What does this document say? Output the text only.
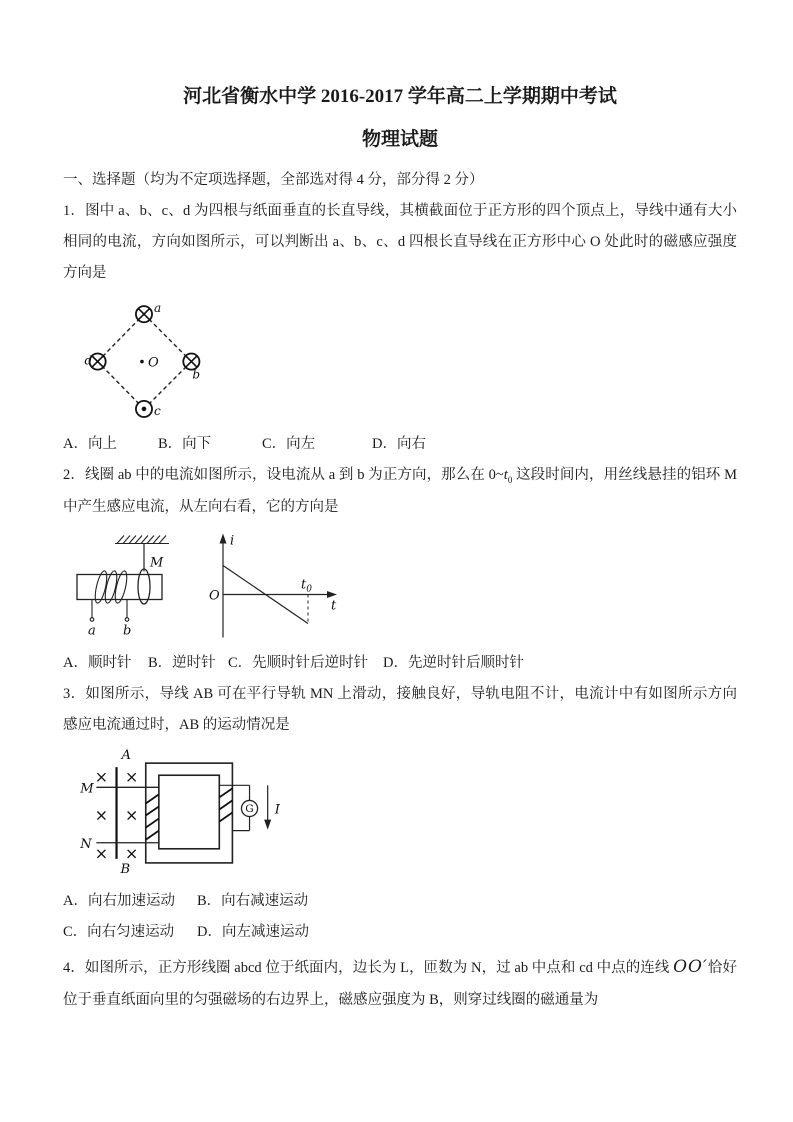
河北省衡水中学 2016-2017 学年高二上学期期中考试
物理试题

一、选择题（均为不定项选择题，全部选对得 4 分，部分得 2 分）

1．图中 a、b、c、d 为四根与纸面垂直的长直导线，其横截面位于正方形的四个顶点上，导线中通有大小相同的电流，方向如图所示，可以判断出 a、b、c、d 四根长直导线在正方形中心 O 处此时的磁感应强度方向是

O
a
b
c
d
A．向上	B．向下	C．向左	D．向右

2．线圈 ab 中的电流如图所示，设电流从 a 到 b 为正方向，那么在 $0\sim t_0$ 这段时间内，用丝线悬挂的铝环 M 中产生感应电流，从左向右看，它的方向是

M
a b
i
t
O
$t_0$
A．顺时针	B．逆时针 C．先顺时针后逆时针	D．先逆时针后顺时针

3．如图所示，导线 AB 可在平行导轨 MN 上滑动，接触良好，导轨电阻不计，电流计中有如图所示方向感应电流通过时，AB 的运动情况是

A
B
M
N
G I
A．向右加速运动	B．向右减速运动
C．向右匀速运动	D．向左减速运动

4．如图所示，正方形线圈 abcd 位于纸面内，边长为 L，匝数为 N，过 ab 中点和 cd 中点的连线 OO′恰好位于垂直纸面向里的匀强磁场的右边界上，磁感应强度为 B，则穿过线圈的磁通量为
